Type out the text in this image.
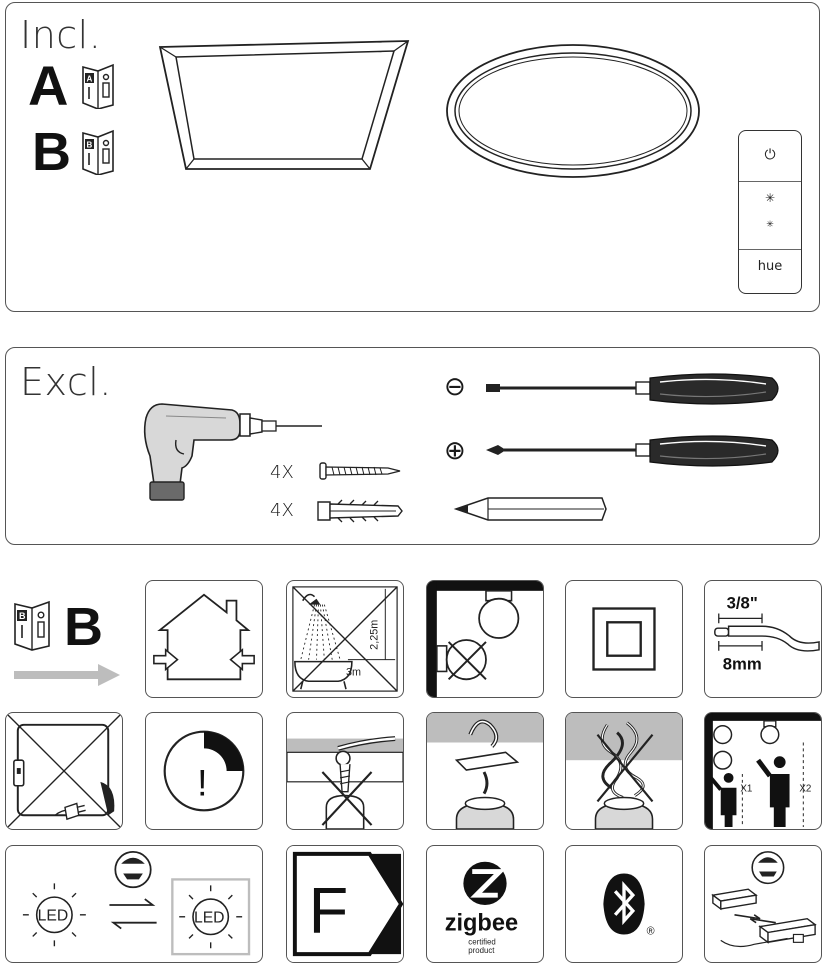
Incl.
A A
B B
⏻
✳
✳
hue
Excl.
4X
4X
⊖
⊕
B B	2,25m
3m
3/8"
8mm
!	X1	X2
LED	LED F	zigbee
certified
product
®
